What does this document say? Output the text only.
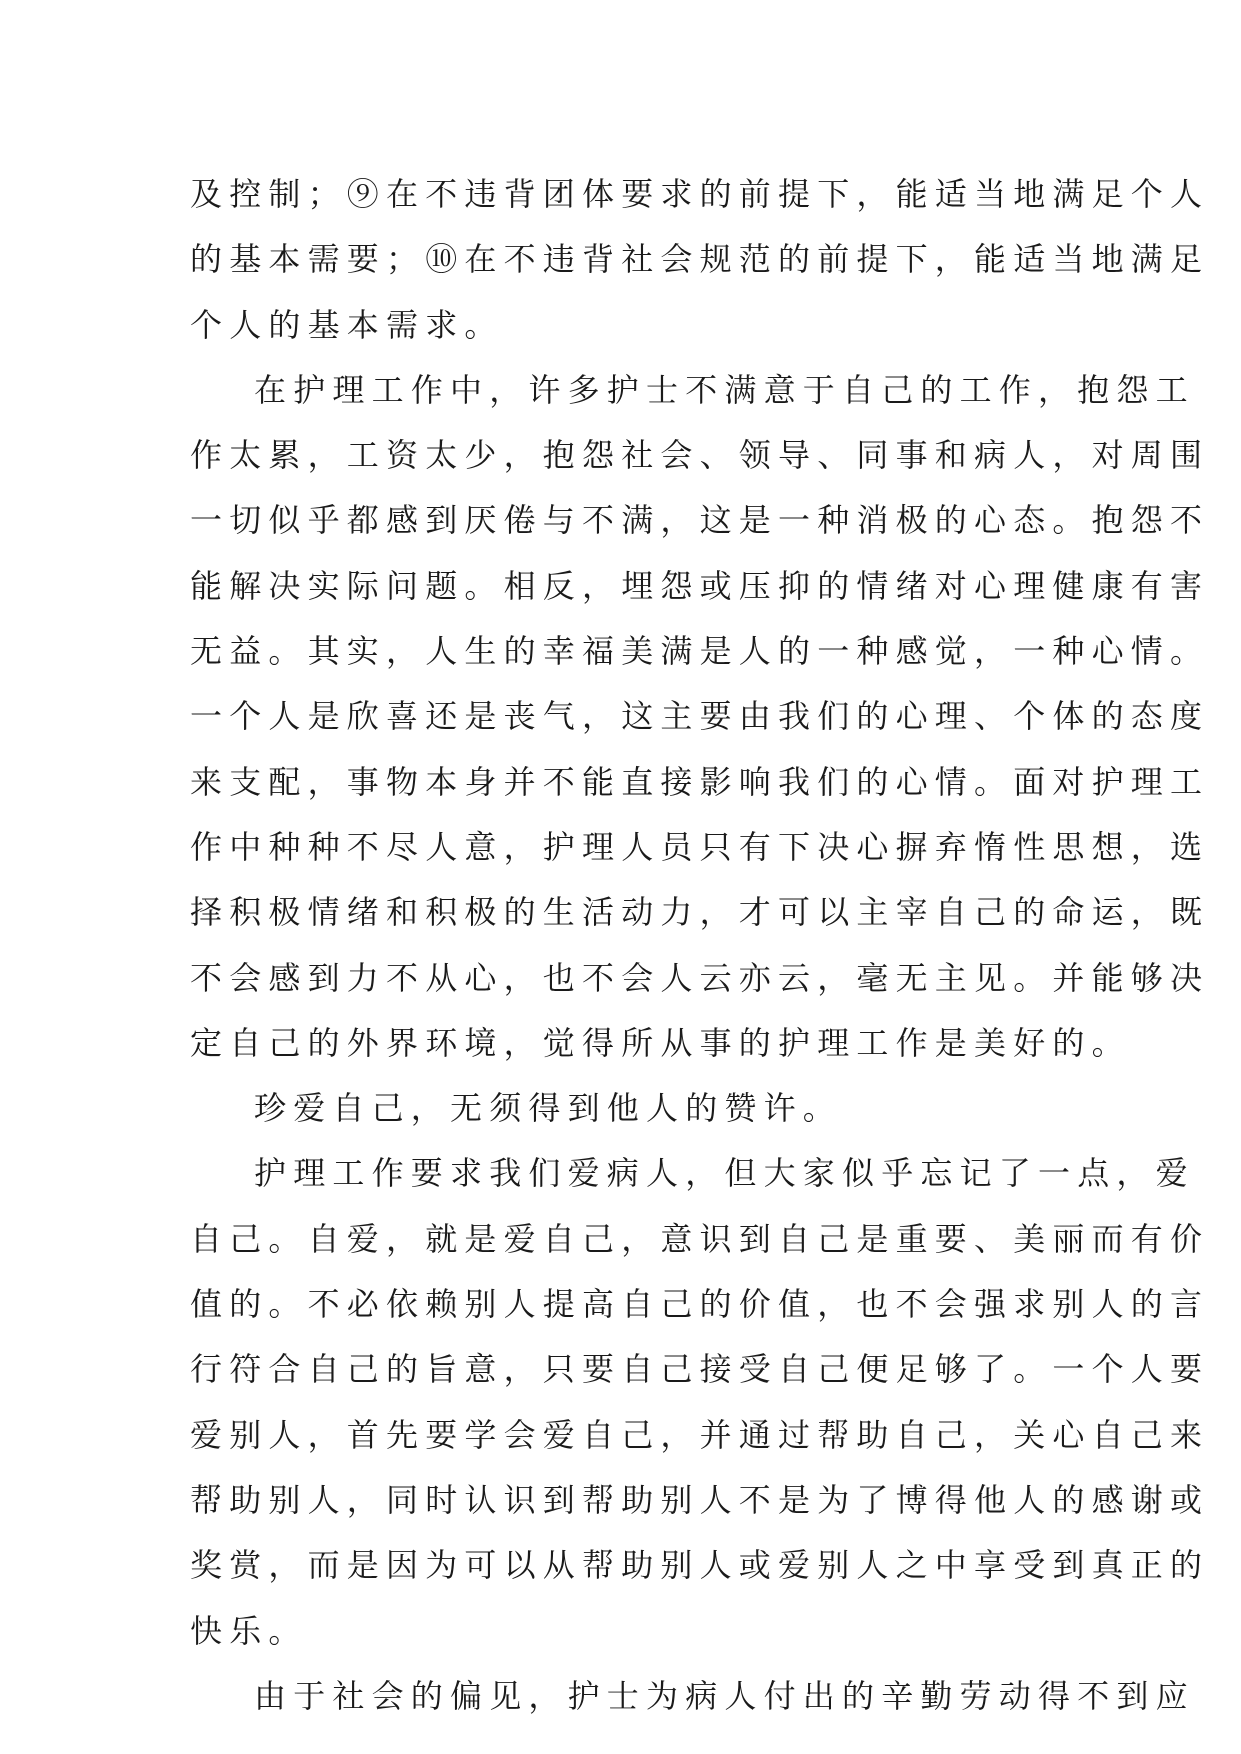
及控制；⑨在不违背团体要求的前提下，能适当地满足个人
的基本需要；⑩在不违背社会规范的前提下，能适当地满足
个人的基本需求。
在护理工作中，许多护士不满意于自己的工作，抱怨工
作太累，工资太少，抱怨社会、领导、同事和病人，对周围
一切似乎都感到厌倦与不满，这是一种消极的心态。抱怨不
能解决实际问题。相反，埋怨或压抑的情绪对心理健康有害
无益。其实，人生的幸福美满是人的一种感觉，一种心情。
一个人是欣喜还是丧气，这主要由我们的心理、个体的态度
来支配，事物本身并不能直接影响我们的心情。面对护理工
作中种种不尽人意，护理人员只有下决心摒弃惰性思想，选
择积极情绪和积极的生活动力，才可以主宰自己的命运，既
不会感到力不从心，也不会人云亦云，毫无主见。并能够决
定自己的外界环境，觉得所从事的护理工作是美好的。
珍爱自己，无须得到他人的赞许。
护理工作要求我们爱病人，但大家似乎忘记了一点，爱
自己。自爱，就是爱自己，意识到自己是重要、美丽而有价
值的。不必依赖别人提高自己的价值，也不会强求别人的言
行符合自己的旨意，只要自己接受自己便足够了。一个人要
爱别人，首先要学会爱自己，并通过帮助自己，关心自己来
帮助别人，同时认识到帮助别人不是为了博得他人的感谢或
奖赏，而是因为可以从帮助别人或爱别人之中享受到真正的
快乐。
由于社会的偏见，护士为病人付出的辛勤劳动得不到应
